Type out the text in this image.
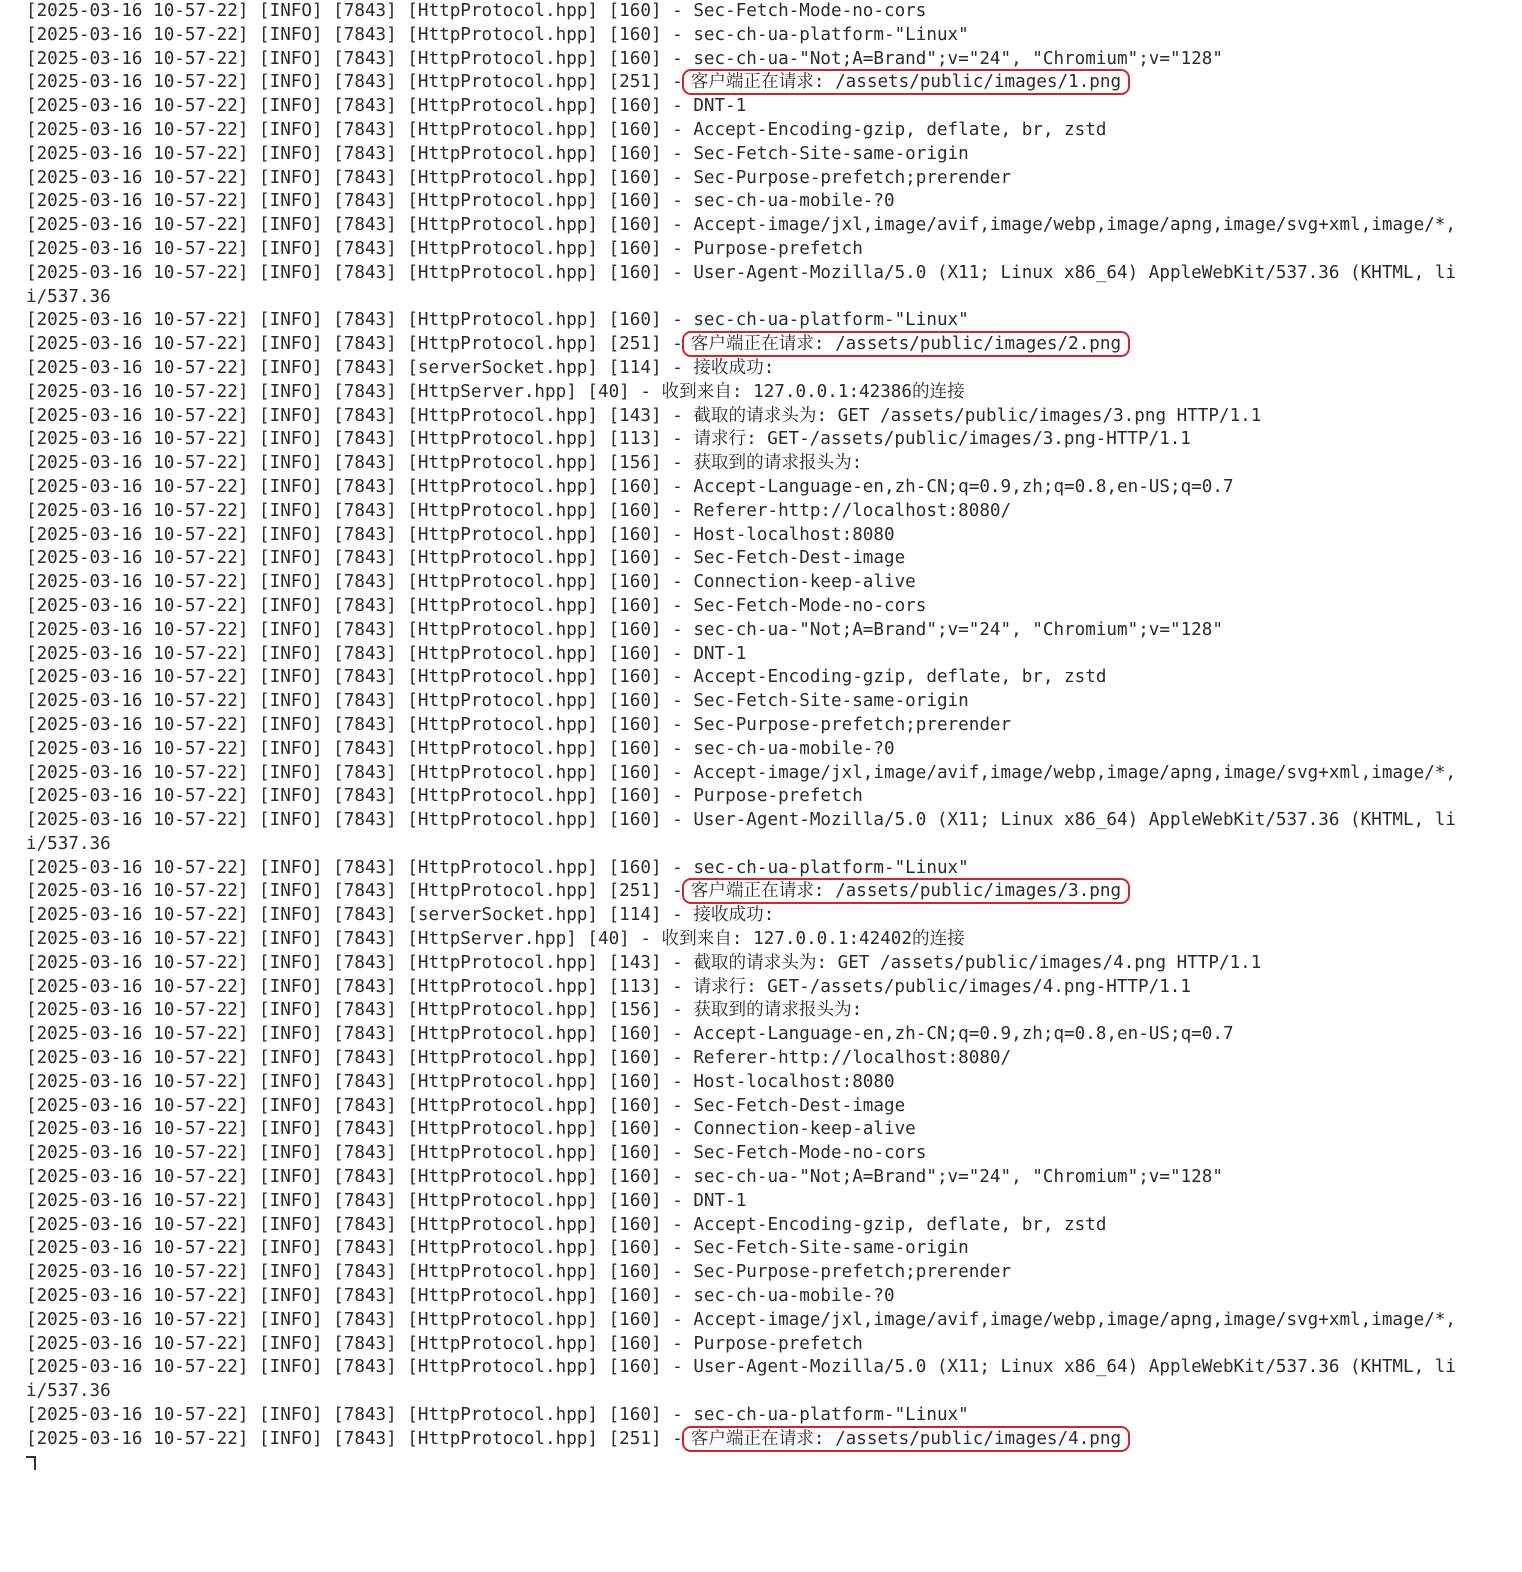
[2025-03-16 10-57-22] [INFO] [7843] [HttpProtocol.hpp] [160] - Sec-Fetch-Mode-no-cors
[2025-03-16 10-57-22] [INFO] [7843] [HttpProtocol.hpp] [160] - sec-ch-ua-platform-"Linux"
[2025-03-16 10-57-22] [INFO] [7843] [HttpProtocol.hpp] [160] - sec-ch-ua-"Not;A=Brand";v="24", "Chromium";v="128"
[2025-03-16 10-57-22] [INFO] [7843] [HttpProtocol.hpp] [251] - 客户端正在请求: /assets/public/images/1.png
[2025-03-16 10-57-22] [INFO] [7843] [HttpProtocol.hpp] [160] - DNT-1
[2025-03-16 10-57-22] [INFO] [7843] [HttpProtocol.hpp] [160] - Accept-Encoding-gzip, deflate, br, zstd
[2025-03-16 10-57-22] [INFO] [7843] [HttpProtocol.hpp] [160] - Sec-Fetch-Site-same-origin
[2025-03-16 10-57-22] [INFO] [7843] [HttpProtocol.hpp] [160] - Sec-Purpose-prefetch;prerender
[2025-03-16 10-57-22] [INFO] [7843] [HttpProtocol.hpp] [160] - sec-ch-ua-mobile-?0
[2025-03-16 10-57-22] [INFO] [7843] [HttpProtocol.hpp] [160] - Accept-image/jxl,image/avif,image/webp,image/apng,image/svg+xml,image/*,
[2025-03-16 10-57-22] [INFO] [7843] [HttpProtocol.hpp] [160] - Purpose-prefetch
[2025-03-16 10-57-22] [INFO] [7843] [HttpProtocol.hpp] [160] - User-Agent-Mozilla/5.0 (X11; Linux x86_64) AppleWebKit/537.36 (KHTML, li
i/537.36
[2025-03-16 10-57-22] [INFO] [7843] [HttpProtocol.hpp] [160] - sec-ch-ua-platform-"Linux"
[2025-03-16 10-57-22] [INFO] [7843] [HttpProtocol.hpp] [251] - 客户端正在请求: /assets/public/images/2.png
[2025-03-16 10-57-22] [INFO] [7843] [serverSocket.hpp] [114] - 接收成功:
[2025-03-16 10-57-22] [INFO] [7843] [HttpServer.hpp] [40] - 收到来自: 127.0.0.1:42386的连接
[2025-03-16 10-57-22] [INFO] [7843] [HttpProtocol.hpp] [143] - 截取的请求头为: GET /assets/public/images/3.png HTTP/1.1
[2025-03-16 10-57-22] [INFO] [7843] [HttpProtocol.hpp] [113] - 请求行: GET-/assets/public/images/3.png-HTTP/1.1
[2025-03-16 10-57-22] [INFO] [7843] [HttpProtocol.hpp] [156] - 获取到的请求报头为:
[2025-03-16 10-57-22] [INFO] [7843] [HttpProtocol.hpp] [160] - Accept-Language-en,zh-CN;q=0.9,zh;q=0.8,en-US;q=0.7
[2025-03-16 10-57-22] [INFO] [7843] [HttpProtocol.hpp] [160] - Referer-http://localhost:8080/
[2025-03-16 10-57-22] [INFO] [7843] [HttpProtocol.hpp] [160] - Host-localhost:8080
[2025-03-16 10-57-22] [INFO] [7843] [HttpProtocol.hpp] [160] - Sec-Fetch-Dest-image
[2025-03-16 10-57-22] [INFO] [7843] [HttpProtocol.hpp] [160] - Connection-keep-alive
[2025-03-16 10-57-22] [INFO] [7843] [HttpProtocol.hpp] [160] - Sec-Fetch-Mode-no-cors
[2025-03-16 10-57-22] [INFO] [7843] [HttpProtocol.hpp] [160] - sec-ch-ua-"Not;A=Brand";v="24", "Chromium";v="128"
[2025-03-16 10-57-22] [INFO] [7843] [HttpProtocol.hpp] [160] - DNT-1
[2025-03-16 10-57-22] [INFO] [7843] [HttpProtocol.hpp] [160] - Accept-Encoding-gzip, deflate, br, zstd
[2025-03-16 10-57-22] [INFO] [7843] [HttpProtocol.hpp] [160] - Sec-Fetch-Site-same-origin
[2025-03-16 10-57-22] [INFO] [7843] [HttpProtocol.hpp] [160] - Sec-Purpose-prefetch;prerender
[2025-03-16 10-57-22] [INFO] [7843] [HttpProtocol.hpp] [160] - sec-ch-ua-mobile-?0
[2025-03-16 10-57-22] [INFO] [7843] [HttpProtocol.hpp] [160] - Accept-image/jxl,image/avif,image/webp,image/apng,image/svg+xml,image/*,
[2025-03-16 10-57-22] [INFO] [7843] [HttpProtocol.hpp] [160] - Purpose-prefetch
[2025-03-16 10-57-22] [INFO] [7843] [HttpProtocol.hpp] [160] - User-Agent-Mozilla/5.0 (X11; Linux x86_64) AppleWebKit/537.36 (KHTML, li
i/537.36
[2025-03-16 10-57-22] [INFO] [7843] [HttpProtocol.hpp] [160] - sec-ch-ua-platform-"Linux"
[2025-03-16 10-57-22] [INFO] [7843] [HttpProtocol.hpp] [251] - 客户端正在请求: /assets/public/images/3.png
[2025-03-16 10-57-22] [INFO] [7843] [serverSocket.hpp] [114] - 接收成功:
[2025-03-16 10-57-22] [INFO] [7843] [HttpServer.hpp] [40] - 收到来自: 127.0.0.1:42402的连接
[2025-03-16 10-57-22] [INFO] [7843] [HttpProtocol.hpp] [143] - 截取的请求头为: GET /assets/public/images/4.png HTTP/1.1
[2025-03-16 10-57-22] [INFO] [7843] [HttpProtocol.hpp] [113] - 请求行: GET-/assets/public/images/4.png-HTTP/1.1
[2025-03-16 10-57-22] [INFO] [7843] [HttpProtocol.hpp] [156] - 获取到的请求报头为:
[2025-03-16 10-57-22] [INFO] [7843] [HttpProtocol.hpp] [160] - Accept-Language-en,zh-CN;q=0.9,zh;q=0.8,en-US;q=0.7
[2025-03-16 10-57-22] [INFO] [7843] [HttpProtocol.hpp] [160] - Referer-http://localhost:8080/
[2025-03-16 10-57-22] [INFO] [7843] [HttpProtocol.hpp] [160] - Host-localhost:8080
[2025-03-16 10-57-22] [INFO] [7843] [HttpProtocol.hpp] [160] - Sec-Fetch-Dest-image
[2025-03-16 10-57-22] [INFO] [7843] [HttpProtocol.hpp] [160] - Connection-keep-alive
[2025-03-16 10-57-22] [INFO] [7843] [HttpProtocol.hpp] [160] - Sec-Fetch-Mode-no-cors
[2025-03-16 10-57-22] [INFO] [7843] [HttpProtocol.hpp] [160] - sec-ch-ua-"Not;A=Brand";v="24", "Chromium";v="128"
[2025-03-16 10-57-22] [INFO] [7843] [HttpProtocol.hpp] [160] - DNT-1
[2025-03-16 10-57-22] [INFO] [7843] [HttpProtocol.hpp] [160] - Accept-Encoding-gzip, deflate, br, zstd
[2025-03-16 10-57-22] [INFO] [7843] [HttpProtocol.hpp] [160] - Sec-Fetch-Site-same-origin
[2025-03-16 10-57-22] [INFO] [7843] [HttpProtocol.hpp] [160] - Sec-Purpose-prefetch;prerender
[2025-03-16 10-57-22] [INFO] [7843] [HttpProtocol.hpp] [160] - sec-ch-ua-mobile-?0
[2025-03-16 10-57-22] [INFO] [7843] [HttpProtocol.hpp] [160] - Accept-image/jxl,image/avif,image/webp,image/apng,image/svg+xml,image/*,
[2025-03-16 10-57-22] [INFO] [7843] [HttpProtocol.hpp] [160] - Purpose-prefetch
[2025-03-16 10-57-22] [INFO] [7843] [HttpProtocol.hpp] [160] - User-Agent-Mozilla/5.0 (X11; Linux x86_64) AppleWebKit/537.36 (KHTML, li
i/537.36
[2025-03-16 10-57-22] [INFO] [7843] [HttpProtocol.hpp] [160] - sec-ch-ua-platform-"Linux"
[2025-03-16 10-57-22] [INFO] [7843] [HttpProtocol.hpp] [251] - 客户端正在请求: /assets/public/images/4.png
